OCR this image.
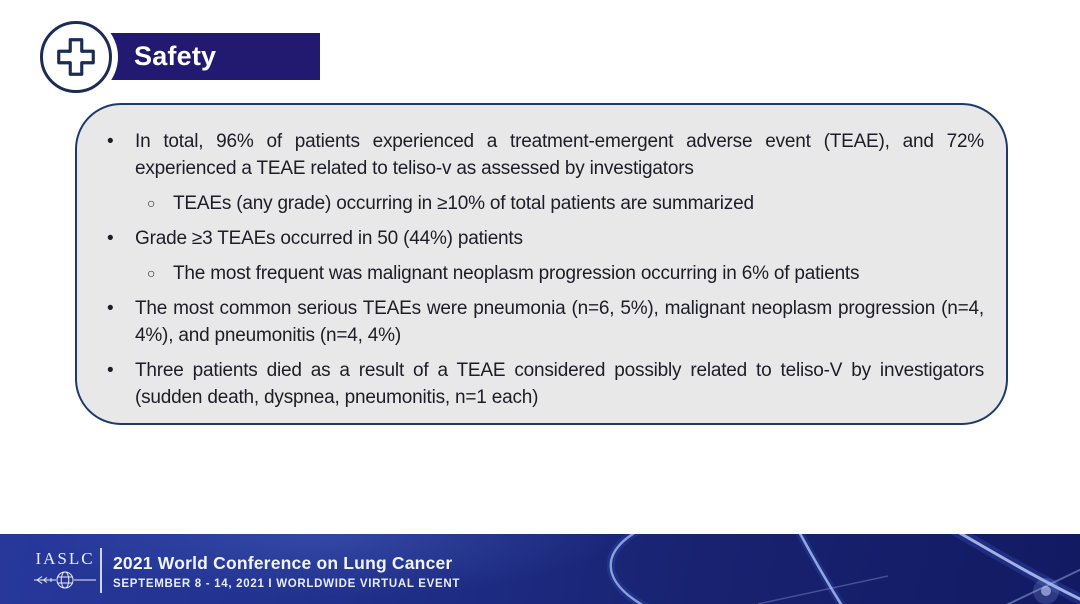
Safety
•	In total, 96% of patients experienced a treatment-emergent adverse event (TEAE), and 72% experienced a TEAE related to teliso-v as assessed by investigators
○ TEAEs (any grade) occurring in ≥10% of total patients are summarized
•	Grade ≥3 TEAEs occurred in 50 (44%) patients
○ The most frequent was malignant neoplasm progression occurring in 6% of patients
•	The most common serious TEAEs were pneumonia (n=6, 5%), malignant neoplasm progression (n=4, 4%), and pneumonitis (n=4, 4%)
•	Three patients died as a result of a TEAE considered possibly related to teliso-V by investigators (sudden death, dyspnea, pneumonitis, n=1 each)
IASLC 2021 World Conference on Lung Cancer
SEPTEMBER 8 - 14, 2021 I WORLDWIDE VIRTUAL EVENT
